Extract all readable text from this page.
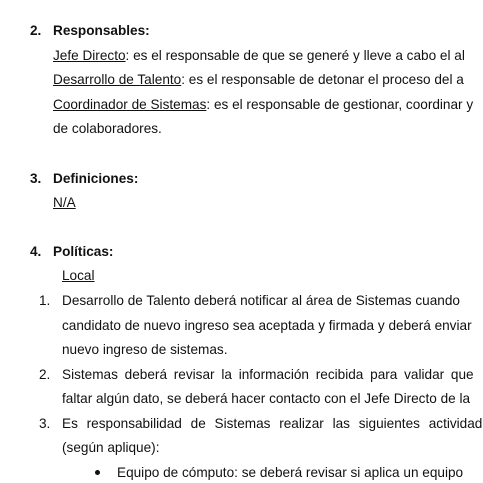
2. Responsables:
Jefe Directo: es el responsable de que se generé y lleve a cabo el al
Desarrollo de Talento: es el responsable de detonar el proceso del a
Coordinador de Sistemas: es el responsable de gestionar, coordinar y
de colaboradores.
3. Definiciones:
N/A
4. Políticas:
Local
1. Desarrollo de Talento deberá notificar al área de Sistemas cuando
candidato de nuevo ingreso sea aceptada y firmada y deberá enviar
nuevo ingreso de sistemas.
2. Sistemas deberá revisar la información recibida para validar que
faltar algún dato, se deberá hacer contacto con el Jefe Directo de la
3. Es responsabilidad de Sistemas realizar las siguientes actividad
(según aplique):
Equipo de cómputo: se deberá revisar si aplica un equipo
